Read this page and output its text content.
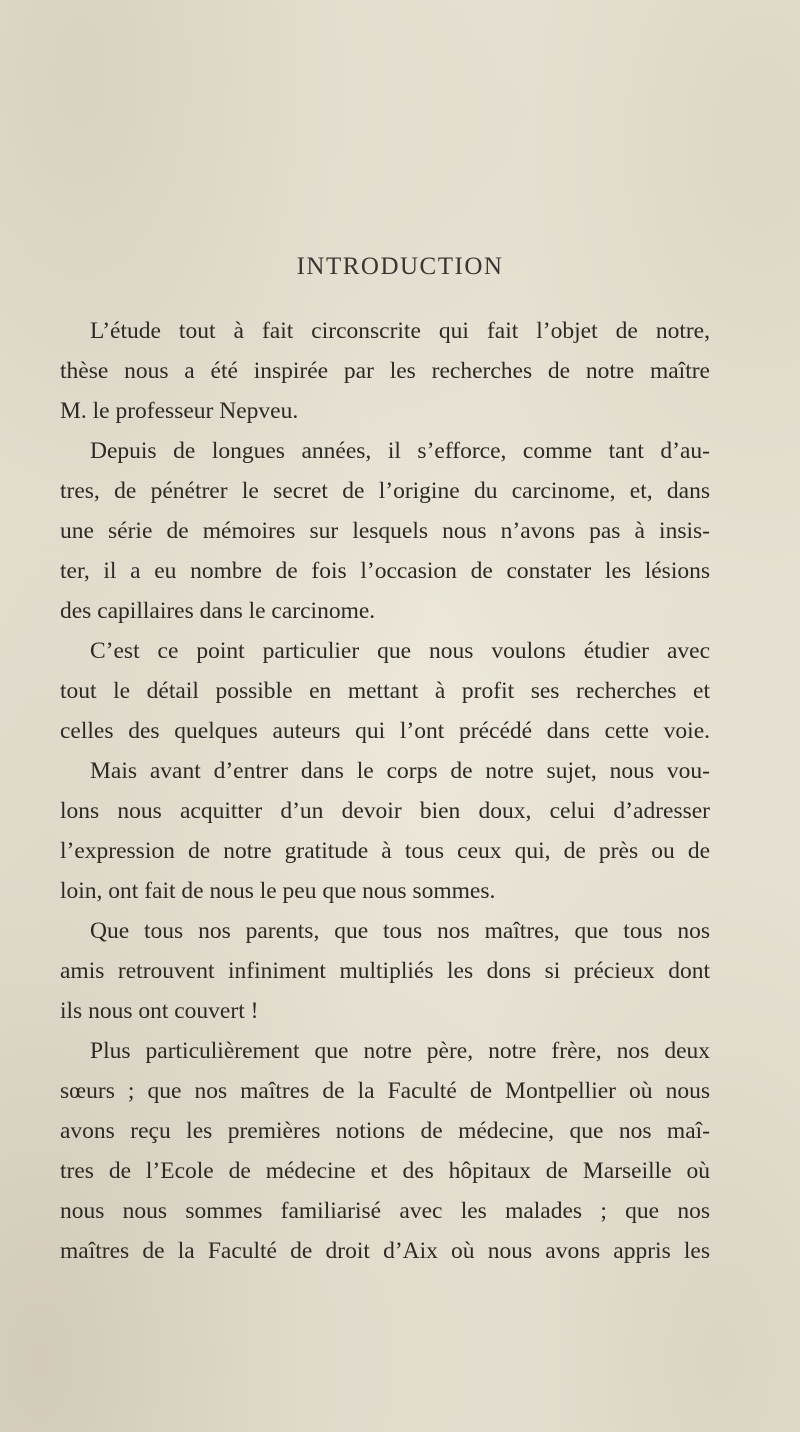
INTRODUCTION
L’étude tout à fait circonscrite qui fait l’objet de notre,
thèse nous a été inspirée par les recherches de notre maître
M. le professeur Nepveu.
Depuis de longues années, il s’efforce, comme tant d’au-
tres, de pénétrer le secret de l’origine du carcinome, et, dans
une série de mémoires sur lesquels nous n’avons pas à insis-
ter, il a eu nombre de fois l’occasion de constater les lésions
des capillaires dans le carcinome.
C’est ce point particulier que nous voulons étudier avec
tout le détail possible en mettant à profit ses recherches et
celles des quelques auteurs qui l’ont précédé dans cette voie.
Mais avant d’entrer dans le corps de notre sujet, nous vou-
lons nous acquitter d’un devoir bien doux, celui d’adresser
l’expression de notre gratitude à tous ceux qui, de près ou de
loin, ont fait de nous le peu que nous sommes.
Que tous nos parents, que tous nos maîtres, que tous nos
amis retrouvent infiniment multipliés les dons si précieux dont
ils nous ont couvert !
Plus particulièrement que notre père, notre frère, nos deux
sœurs ; que nos maîtres de la Faculté de Montpellier où nous
avons reçu les premières notions de médecine, que nos maî-
tres de l’Ecole de médecine et des hôpitaux de Marseille où
nous nous sommes familiarisé avec les malades ; que nos
maîtres de la Faculté de droit d’Aix où nous avons appris les
